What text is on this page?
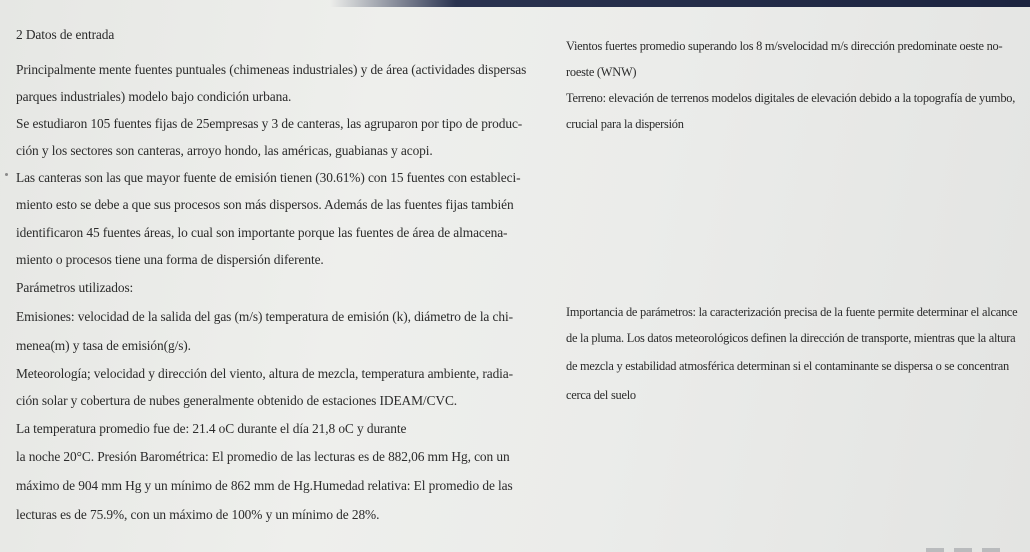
2 Datos de entrada
Principalmente mente fuentes puntuales (chimeneas industriales) y de área (actividades dispersas
parques industriales) modelo bajo condición urbana.
Se estudiaron 105 fuentes fijas de 25empresas y 3 de canteras, las agruparon por tipo de produc-
ción y los sectores son canteras, arroyo hondo, las américas, guabianas y acopi.
Las canteras son las que mayor fuente de emisión tienen (30.61%) con 15 fuentes con estableci-
miento esto se debe a que sus procesos son más dispersos. Además de las fuentes fijas también
identificaron 45 fuentes áreas, lo cual son importante porque las fuentes de área de almacena-
miento o procesos tiene una forma de dispersión diferente.
Parámetros utilizados:
Emisiones: velocidad de la salida del gas (m/s) temperatura de emisión (k), diámetro de la chi-
menea(m) y tasa de emisión(g/s).
Meteorología; velocidad y dirección del viento, altura de mezcla, temperatura ambiente, radia-
ción solar y cobertura de nubes generalmente obtenido de estaciones IDEAM/CVC.
La temperatura promedio fue de: 21.4 oC durante el día 21,8 oC y durante
la noche 20°C. Presión Barométrica: El promedio de las lecturas es de 882,06 mm Hg, con un
máximo de 904 mm Hg y un mínimo de 862 mm de Hg.Humedad relativa: El promedio de las
lecturas es de 75.9%, con un máximo de 100% y un mínimo de 28%.
Vientos fuertes promedio superando los 8 m/svelocidad m/s dirección predominate oeste no-
roeste (WNW)
Terreno: elevación de terrenos modelos digitales de elevación debido a la topografía de yumbo,
crucial para la dispersión
Importancia de parámetros: la caracterización precisa de la fuente permite determinar el alcance
de la pluma. Los datos meteorológicos definen la dirección de transporte, mientras que la altura
de mezcla y estabilidad atmosférica determinan si el contaminante se dispersa o se concentran
cerca del suelo
